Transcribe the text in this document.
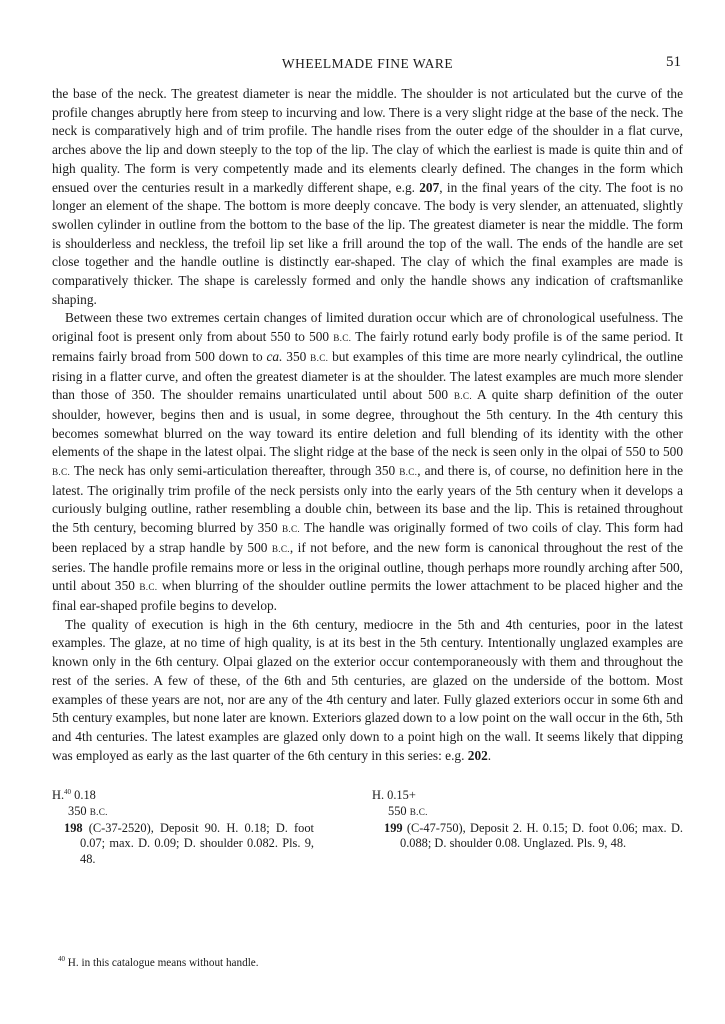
WHEELMADE FINE WARE	51

the base of the neck. The greatest diameter is near the middle. The shoulder is not articulated but the curve of the profile changes abruptly here from steep to incurving and low. There is a very slight ridge at the base of the neck. The neck is comparatively high and of trim profile. The handle rises from the outer edge of the shoulder in a flat curve, arches above the lip and down steeply to the top of the lip. The clay of which the earliest is made is quite thin and of high quality. The form is very competently made and its elements clearly defined. The changes in the form which ensued over the centuries result in a markedly different shape, e.g. 207, in the final years of the city. The foot is no longer an element of the shape. The bottom is more deeply concave. The body is very slender, an attenuated, slightly swollen cylinder in outline from the bottom to the base of the lip. The greatest diameter is near the middle. The form is shoulderless and neckless, the trefoil lip set like a frill around the top of the wall. The ends of the handle are set close together and the handle outline is distinctly ear-shaped. The clay of which the final examples are made is comparatively thicker. The shape is carelessly formed and only the handle shows any indication of craftsmanlike shaping.

Between these two extremes certain changes of limited duration occur which are of chronological usefulness. The original foot is present only from about 550 to 500 B.C. The fairly rotund early body profile is of the same period. It remains fairly broad from 500 down to ca. 350 B.C. but examples of this time are more nearly cylindrical, the outline rising in a flatter curve, and often the greatest diameter is at the shoulder. The latest examples are much more slender than those of 350. The shoulder remains unarticulated until about 500 B.C. A quite sharp definition of the outer shoulder, however, begins then and is usual, in some degree, throughout the 5th century. In the 4th century this becomes somewhat blurred on the way toward its entire deletion and full blending of its identity with the other elements of the shape in the latest olpai. The slight ridge at the base of the neck is seen only in the olpai of 550 to 500 B.C. The neck has only semi-articulation thereafter, through 350 B.C., and there is, of course, no definition here in the latest. The originally trim profile of the neck persists only into the early years of the 5th century when it develops a curiously bulging outline, rather resembling a double chin, between its base and the lip. This is retained throughout the 5th century, becoming blurred by 350 B.C. The handle was originally formed of two coils of clay. This form had been replaced by a strap handle by 500 B.C., if not before, and the new form is canonical throughout the rest of the series. The handle profile remains more or less in the original outline, though perhaps more roundly arching after 500, until about 350 B.C. when blurring of the shoulder outline permits the lower attachment to be placed higher and the final ear-shaped profile begins to develop.

The quality of execution is high in the 6th century, mediocre in the 5th and 4th centuries, poor in the latest examples. The glaze, at no time of high quality, is at its best in the 5th century. Intentionally unglazed examples are known only in the 6th century. Olpai glazed on the exterior occur contemporaneously with them and throughout the rest of the series. A few of these, of the 6th and 5th centuries, are glazed on the underside of the bottom. Most examples of these years are not, nor are any of the 4th century and later. Fully glazed exteriors occur in some 6th and 5th century examples, but none later are known. Exteriors glazed down to a low point on the wall occur in the 6th, 5th and 4th centuries. The latest examples are glazed only down to a point high on the wall. It seems likely that dipping was employed as early as the last quarter of the 6th century in this series: e.g. 202.

H.$^{40}$ 0.18
350 B.C.
198 (C-37-2520), Deposit 90. H. 0.18; D. foot 0.07; max. D. 0.09; D. shoulder 0.082. Pls. 9, 48.
H. 0.15+
550 B.C.
199 (C-47-750), Deposit 2. H. 0.15; D. foot 0.06; max. D. 0.088; D. shoulder 0.08. Unglazed. Pls. 9, 48.
$^{40}$ H. in this catalogue means without handle.
